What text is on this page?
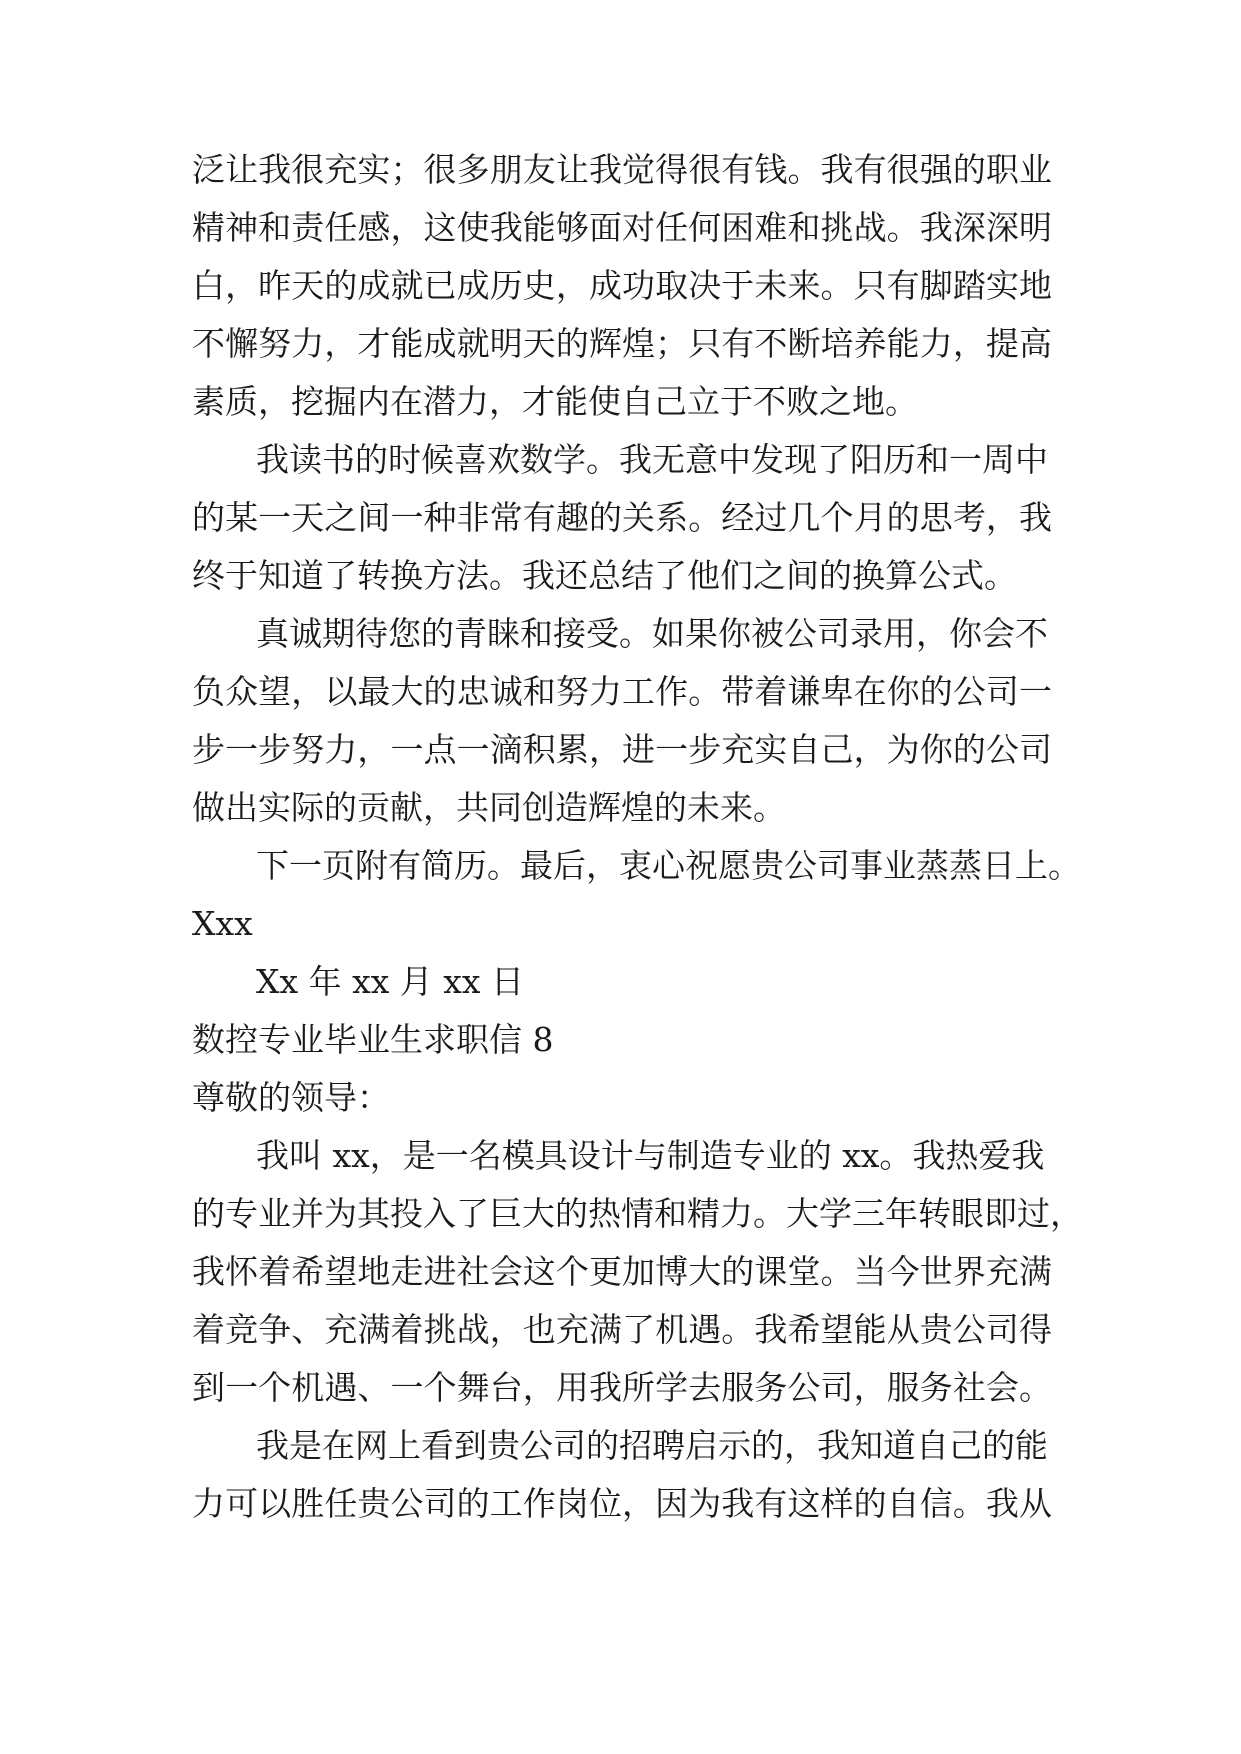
泛让我很充实；很多朋友让我觉得很有钱。我有很强的职业
精神和责任感，这使我能够面对任何困难和挑战。我深深明
白，昨天的成就已成历史，成功取决于未来。只有脚踏实地
不懈努力，才能成就明天的辉煌；只有不断培养能力，提高
素质，挖掘内在潜力，才能使自己立于不败之地。
我读书的时候喜欢数学。我无意中发现了阳历和一周中
的某一天之间一种非常有趣的关系。经过几个月的思考，我
终于知道了转换方法。我还总结了他们之间的换算公式。
真诚期待您的青睐和接受。如果你被公司录用，你会不
负众望，以最大的忠诚和努力工作。带着谦卑在你的公司一
步一步努力，一点一滴积累，进一步充实自己，为你的公司
做出实际的贡献，共同创造辉煌的未来。
下一页附有简历。最后，衷心祝愿贵公司事业蒸蒸日上。
Xxx
Xx 年 xx 月 xx 日
数控专业毕业生求职信 8
尊敬的领导：
我叫 xx，是一名模具设计与制造专业的 xx。我热爱我
的专业并为其投入了巨大的热情和精力。大学三年转眼即过，
我怀着希望地走进社会这个更加博大的课堂。当今世界充满
着竞争、充满着挑战，也充满了机遇。我希望能从贵公司得
到一个机遇、一个舞台，用我所学去服务公司，服务社会。
我是在网上看到贵公司的招聘启示的，我知道自己的能
力可以胜任贵公司的工作岗位，因为我有这样的自信。我从
